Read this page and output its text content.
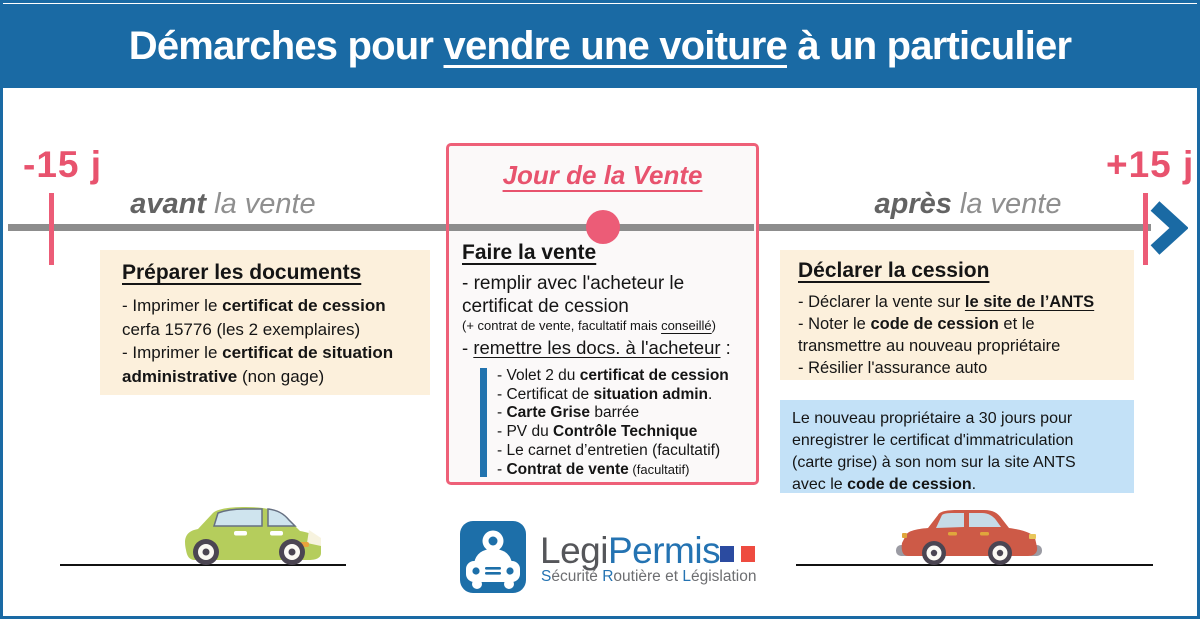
Démarches pour vendre une voiture à un particulier
-15 j	+15 j
avant la vente	après la vente
Préparer les documents
- Imprimer le certificat de cession
cerfa 15776 (les 2 exemplaires)
- Imprimer le certificat de situation
administrative (non gage)
Jour de la Vente
Faire la vente
- remplir avec l'acheteur le
certificat de cession
(+ contrat de vente, facultatif mais conseillé)
- remettre les docs. à l'acheteur :
- Volet 2 du certificat de cession
- Certificat de situation admin.
- Carte Grise barrée
- PV du Contrôle Technique
- Le carnet d’entretien (facultatif)
- Contrat de vente (facultatif)
Déclarer la cession
- Déclarer la vente sur le site de l’ANTS
- Noter le code de cession et le
transmettre au nouveau propriétaire
- Résilier l'assurance auto
Le nouveau propriétaire a 30 jours pour
enregistrer le certificat d'immatriculation
(carte grise) à son nom sur la site ANTS
avec le code de cession.
LegiPermis
Sécurité Routière et Législation
